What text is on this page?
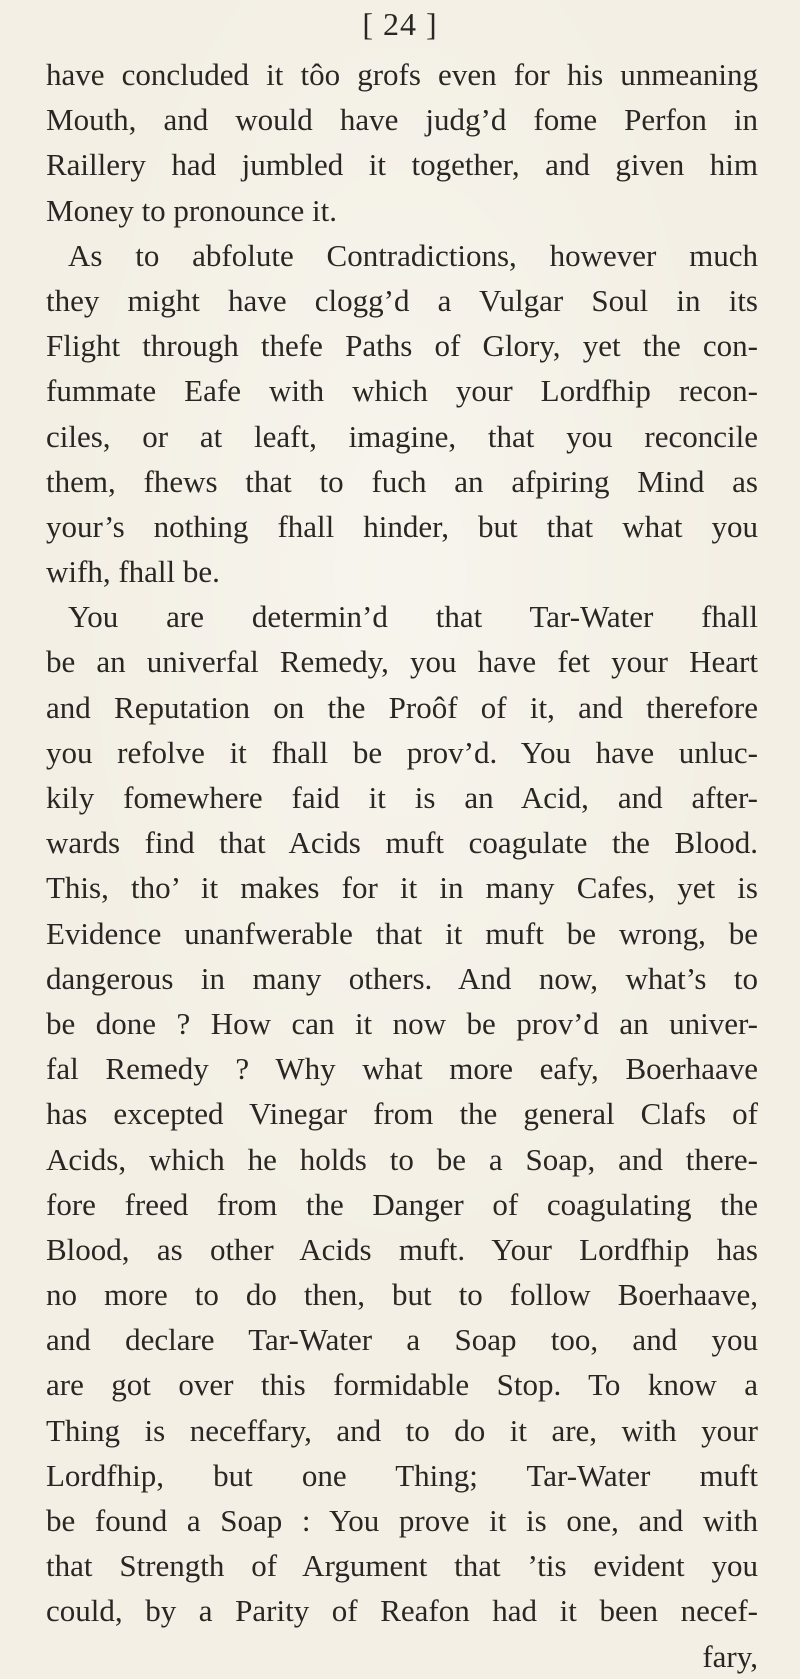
[ 24 ]
have concluded it tôo grofs even for his unmeaning
Mouth, and would have judg’d fome Perfon in
Raillery had jumbled it together, and given him
Money to pronounce it.
As to abfolute Contradictions, however much
they might have clogg’d a Vulgar Soul in its
Flight through thefe Paths of Glory, yet the con-
fummate Eafe with which your Lordfhip recon-
ciles, or at leaft, imagine, that you reconcile
them, fhews that to fuch an afpiring Mind as
your’s nothing fhall hinder, but that what you
wifh, fhall be.
You are determin’d that Tar-Water fhall
be an univerfal Remedy, you have fet your Heart
and Reputation on the Proôf of it, and therefore
you refolve it fhall be prov’d. You have unluc-
kily fomewhere faid it is an Acid, and after-
wards find that Acids muft coagulate the Blood.
This, tho’ it makes for it in many Cafes, yet is
Evidence unanfwerable that it muft be wrong, be
dangerous in many others. And now, what’s to
be done ? How can it now be prov’d an univer-
fal Remedy ? Why what more eafy, Boerhaave
has excepted Vinegar from the general Clafs of
Acids, which he holds to be a Soap, and there-
fore freed from the Danger of coagulating the
Blood, as other Acids muft. Your Lordfhip has
no more to do then, but to follow Boerhaave,
and declare Tar-Water a Soap too, and you
are got over this formidable Stop. To know a
Thing is neceffary, and to do it are, with your
Lordfhip, but one Thing; Tar-Water muft
be found a Soap : You prove it is one, and with
that Strength of Argument that ’tis evident you
could, by a Parity of Reafon had it been necef-
fary,
